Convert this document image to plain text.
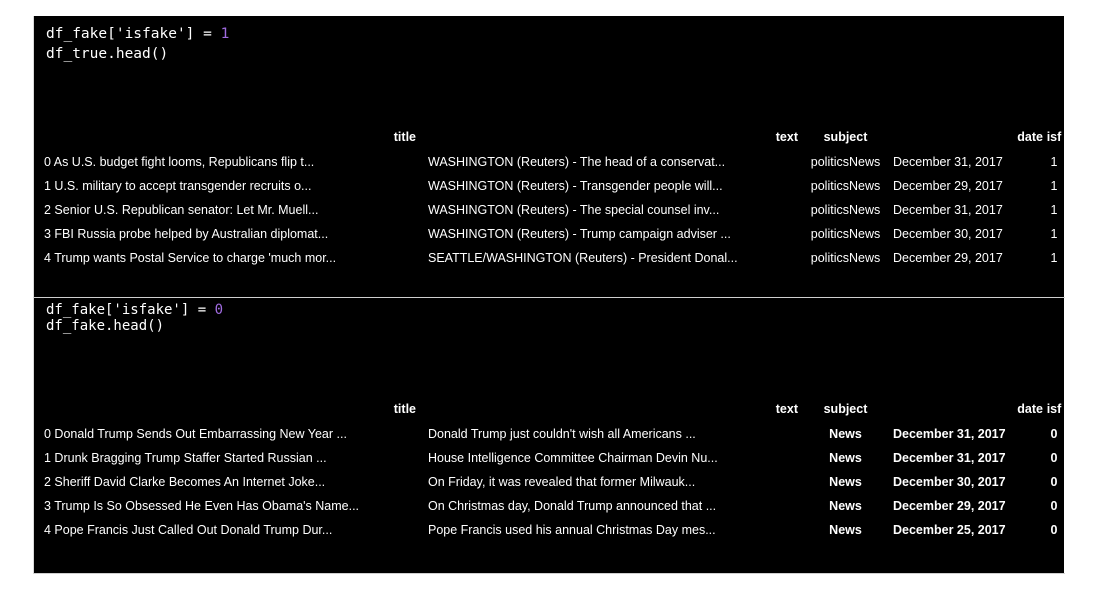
df_fake['isfake'] = 1
df_true.head()
title	text	subject	date	isf
0 As U.S. budget fight looms, Republicans flip t...	WASHINGTON (Reuters) - The head of a conservat...	politicsNews	December 31, 2017	1
1 U.S. military to accept transgender recruits o...	WASHINGTON (Reuters) - Transgender people will...	politicsNews	December 29, 2017	1
2 Senior U.S. Republican senator: Let Mr. Muell...	WASHINGTON (Reuters) - The special counsel inv...	politicsNews	December 31, 2017	1
3 FBI Russia probe helped by Australian diplomat...	WASHINGTON (Reuters) - Trump campaign adviser ...	politicsNews	December 30, 2017	1
4 Trump wants Postal Service to charge 'much mor...	SEATTLE/WASHINGTON (Reuters) - President Donal...	politicsNews	December 29, 2017	1
df_fake['isfake'] = 0
df_fake.head()
title	text	subject	date	isf
0 Donald Trump Sends Out Embarrassing New Year ...	Donald Trump just couldn't wish all Americans ...	News	December 31, 2017	0
1 Drunk Bragging Trump Staffer Started Russian ...	House Intelligence Committee Chairman Devin Nu...	News	December 31, 2017	0
2 Sheriff David Clarke Becomes An Internet Joke...	On Friday, it was revealed that former Milwauk...	News	December 30, 2017	0
3 Trump Is So Obsessed He Even Has Obama's Name...	On Christmas day, Donald Trump announced that ...	News	December 29, 2017	0
4 Pope Francis Just Called Out Donald Trump Dur...	Pope Francis used his annual Christmas Day mes...	News	December 25, 2017	0
